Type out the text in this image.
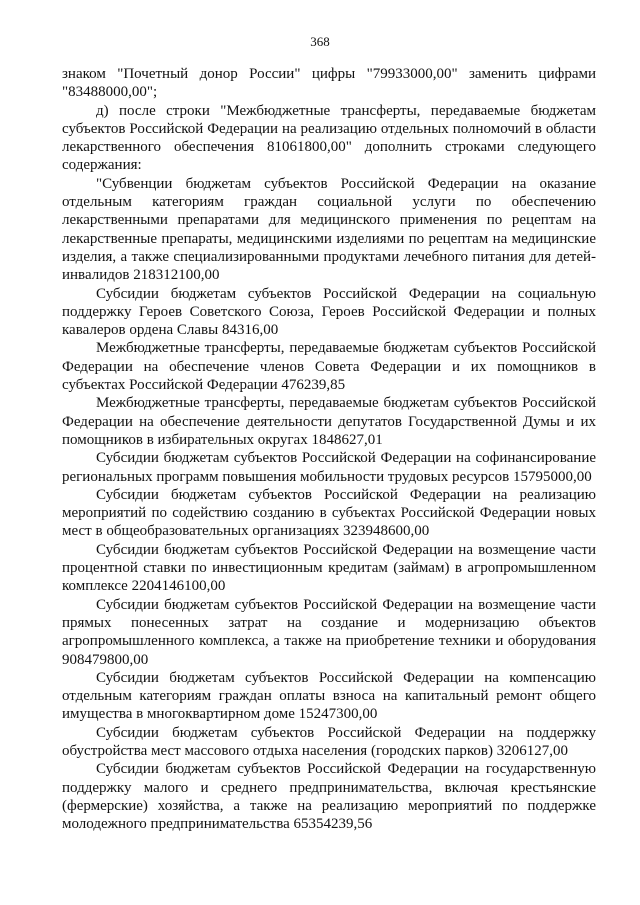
368

знаком "Почетный донор России" цифры "79933000,00" заменить цифрами "83488000,00";

д) после строки "Межбюджетные трансферты, передаваемые бюджетам субъектов Российской Федерации на реализацию отдельных полномочий в области лекарственного обеспечения 81061800,00" дополнить строками следующего содержания:

"Субвенции бюджетам субъектов Российской Федерации на оказание отдельным категориям граждан социальной услуги по обеспечению лекарственными препаратами для медицинского применения по рецептам на лекарственные препараты, медицинскими изделиями по рецептам на медицинские изделия, а также специализированными продуктами лечебного питания для детей-инвалидов 218312100,00

Субсидии бюджетам субъектов Российской Федерации на социальную поддержку Героев Советского Союза, Героев Российской Федерации и полных кавалеров ордена Славы 84316,00

Межбюджетные трансферты, передаваемые бюджетам субъектов Российской Федерации на обеспечение членов Совета Федерации и их помощников в субъектах Российской Федерации 476239,85

Межбюджетные трансферты, передаваемые бюджетам субъектов Российской Федерации на обеспечение деятельности депутатов Государственной Думы и их помощников в избирательных округах 1848627,01

Субсидии бюджетам субъектов Российской Федерации на софинансирование региональных программ повышения мобильности трудовых ресурсов 15795000,00

Субсидии бюджетам субъектов Российской Федерации на реализацию мероприятий по содействию созданию в субъектах Российской Федерации новых мест в общеобразовательных организациях 323948600,00

Субсидии бюджетам субъектов Российской Федерации на возмещение части процентной ставки по инвестиционным кредитам (займам) в агропромышленном комплексе 2204146100,00

Субсидии бюджетам субъектов Российской Федерации на возмещение части прямых понесенных затрат на создание и модернизацию объектов агропромышленного комплекса, а также на приобретение техники и оборудования 908479800,00

Субсидии бюджетам субъектов Российской Федерации на компенсацию отдельным категориям граждан оплаты взноса на капитальный ремонт общего имущества в многоквартирном доме 15247300,00

Субсидии бюджетам субъектов Российской Федерации на поддержку обустройства мест массового отдыха населения (городских парков) 3206127,00

Субсидии бюджетам субъектов Российской Федерации на государственную поддержку малого и среднего предпринимательства, включая крестьянские (фермерские) хозяйства, а также на реализацию мероприятий по поддержке молодежного предпринимательства 65354239,56
